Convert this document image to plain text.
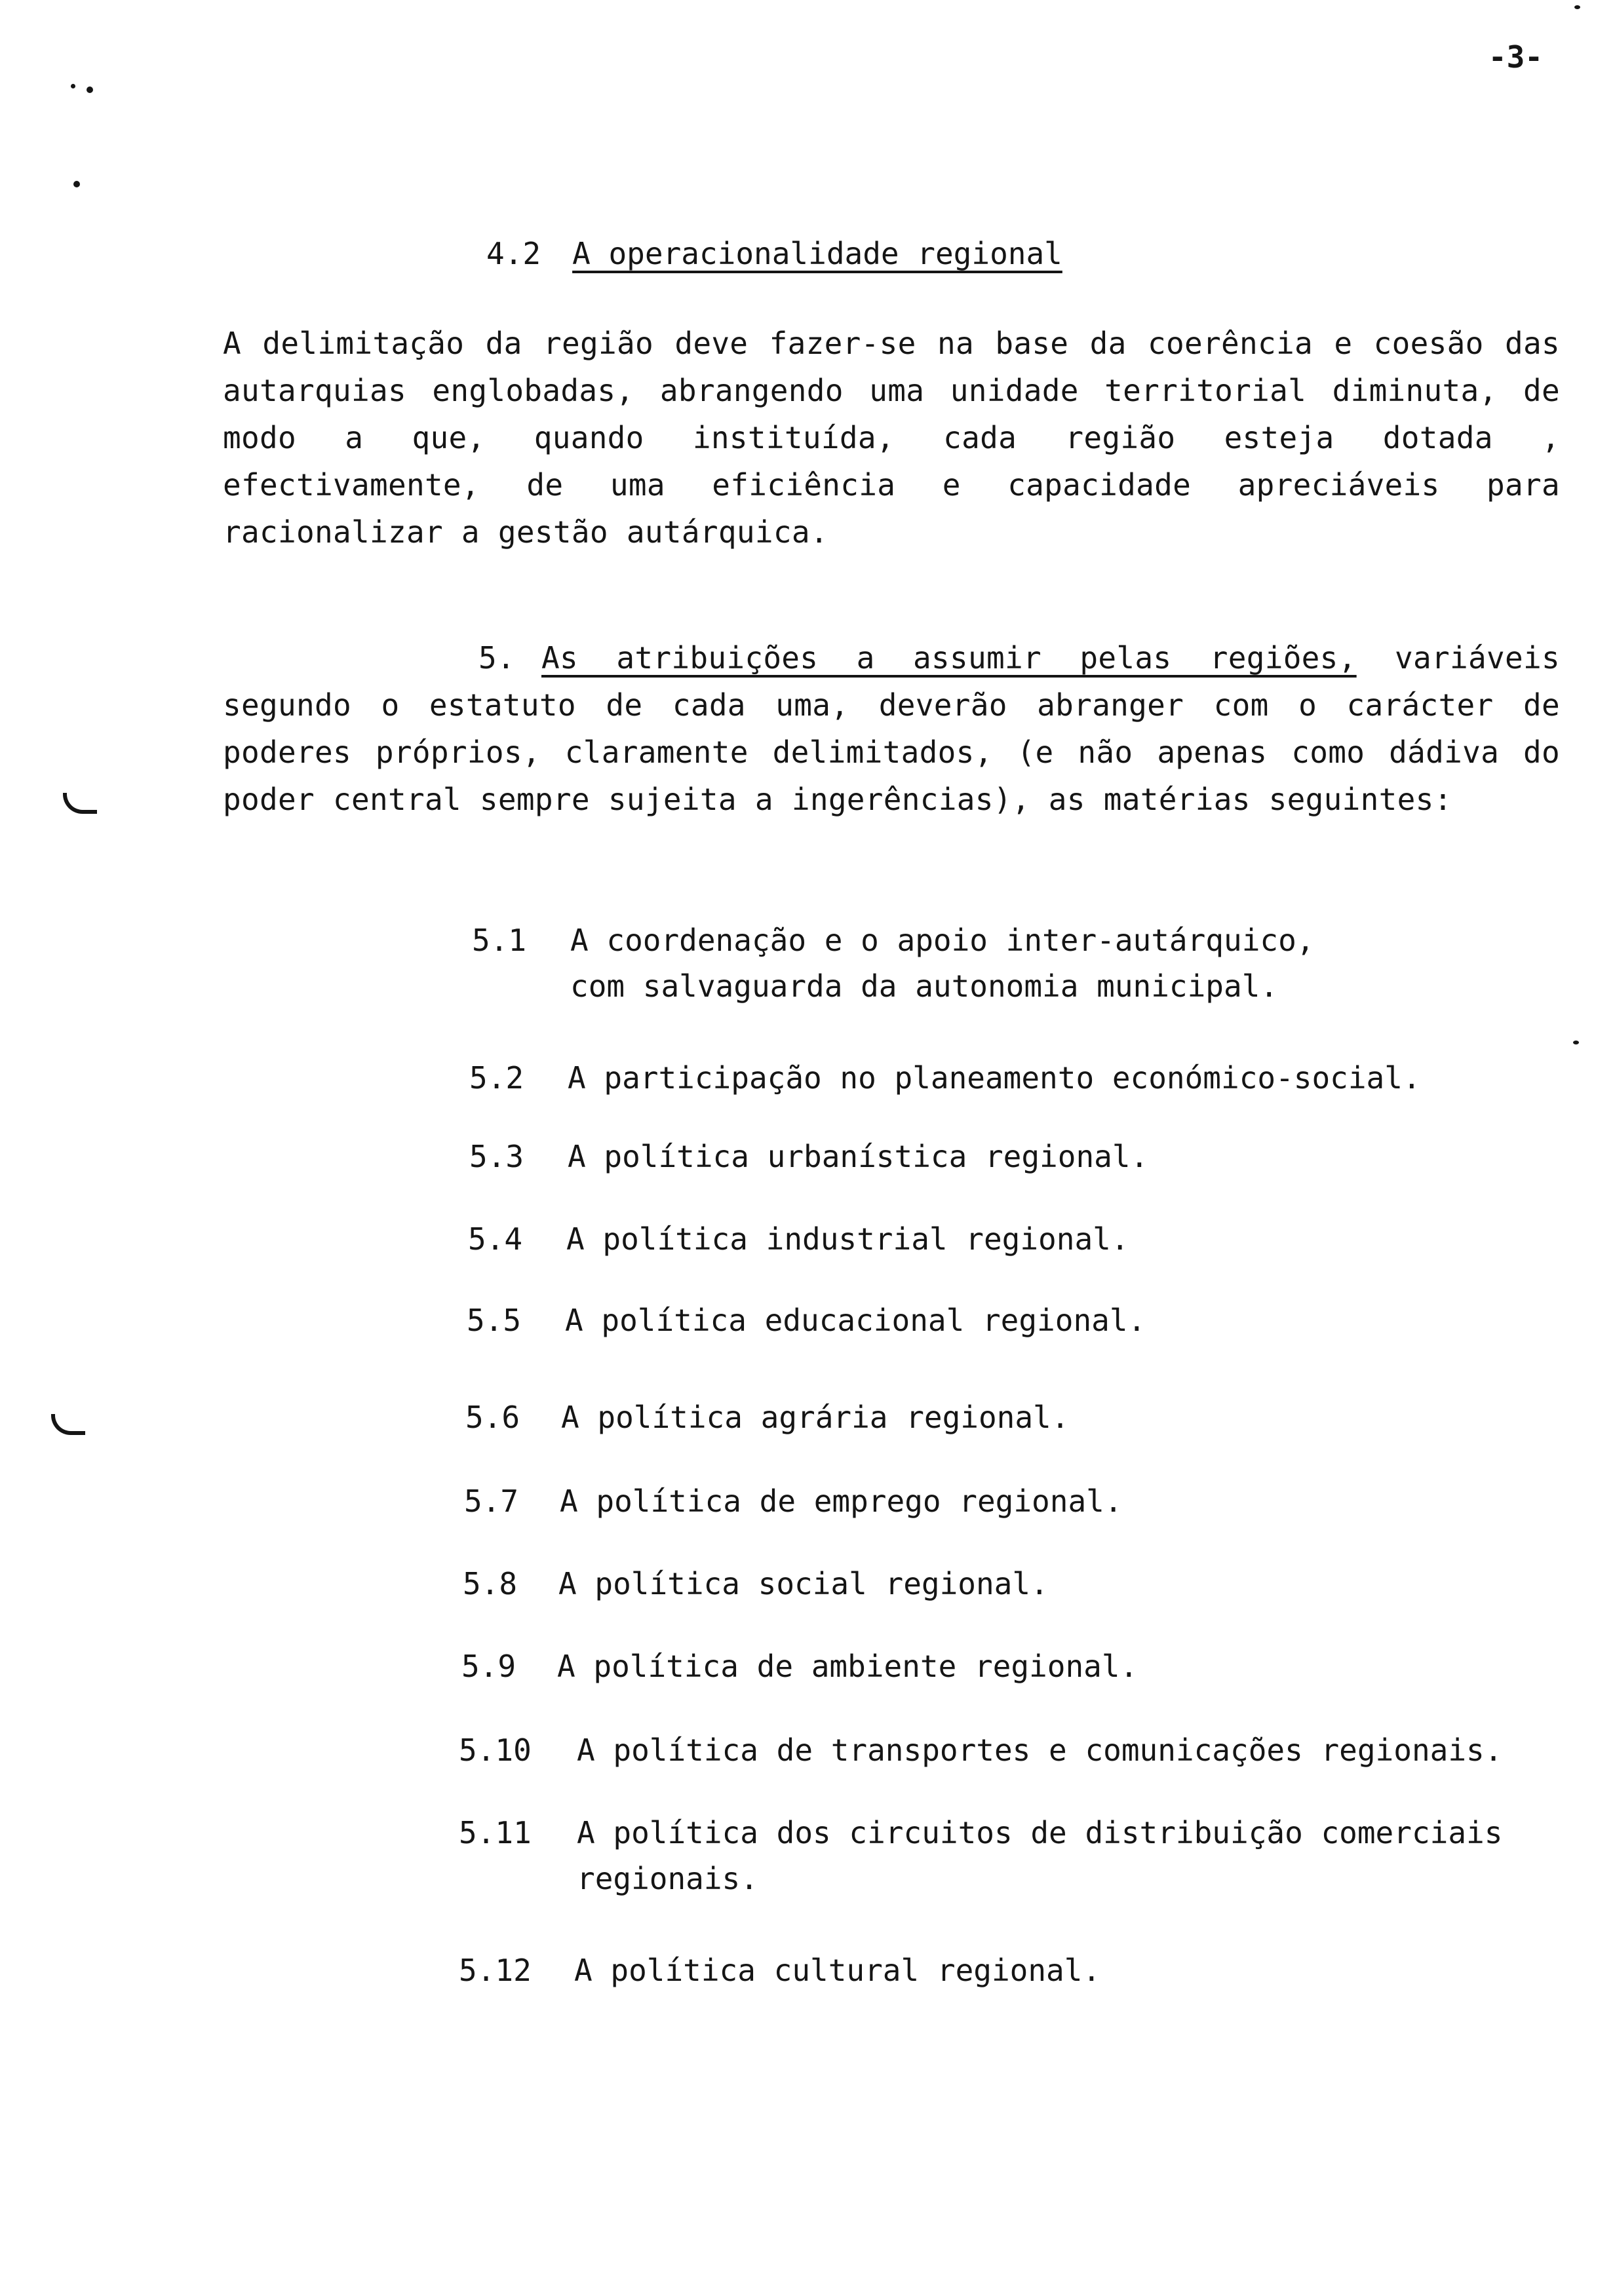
-3-
4.2 A operacionalidade regional
A delimitação da região deve fazer-se na base da coerência e coesão das autarquias englobadas, abrangendo uma unidade territorial diminuta, de modo a que, quando instituída, cada região esteja dotada , efectivamente, de uma eficiência e capacidade apreciáveis para racionalizar a gestão autárquica.
5. As atribuições a assumir pelas regiões, variáveis segundo o estatuto de cada uma, deverão abranger com o carácter de poderes próprios, claramente delimitados, (e não apenas como dádiva do poder central sempre sujeita a ingerências), as matérias seguintes:
5.1 A coordenação e o apoio inter-autárquico, com salvaguarda da autonomia municipal.
5.2 A participação no planeamento económico-social.
5.3 A política urbanística regional.
5.4 A política industrial regional.
5.5 A política educacional regional.
5.6 A política agrária regional.
5.7 A política de emprego regional.
5.8 A política social regional.
5.9 A política de ambiente regional.
5.10 A política de transportes e comunicações regionais.
5.11 A política dos circuitos de distribuição comerciais regionais.
5.12 A política cultural regional.
